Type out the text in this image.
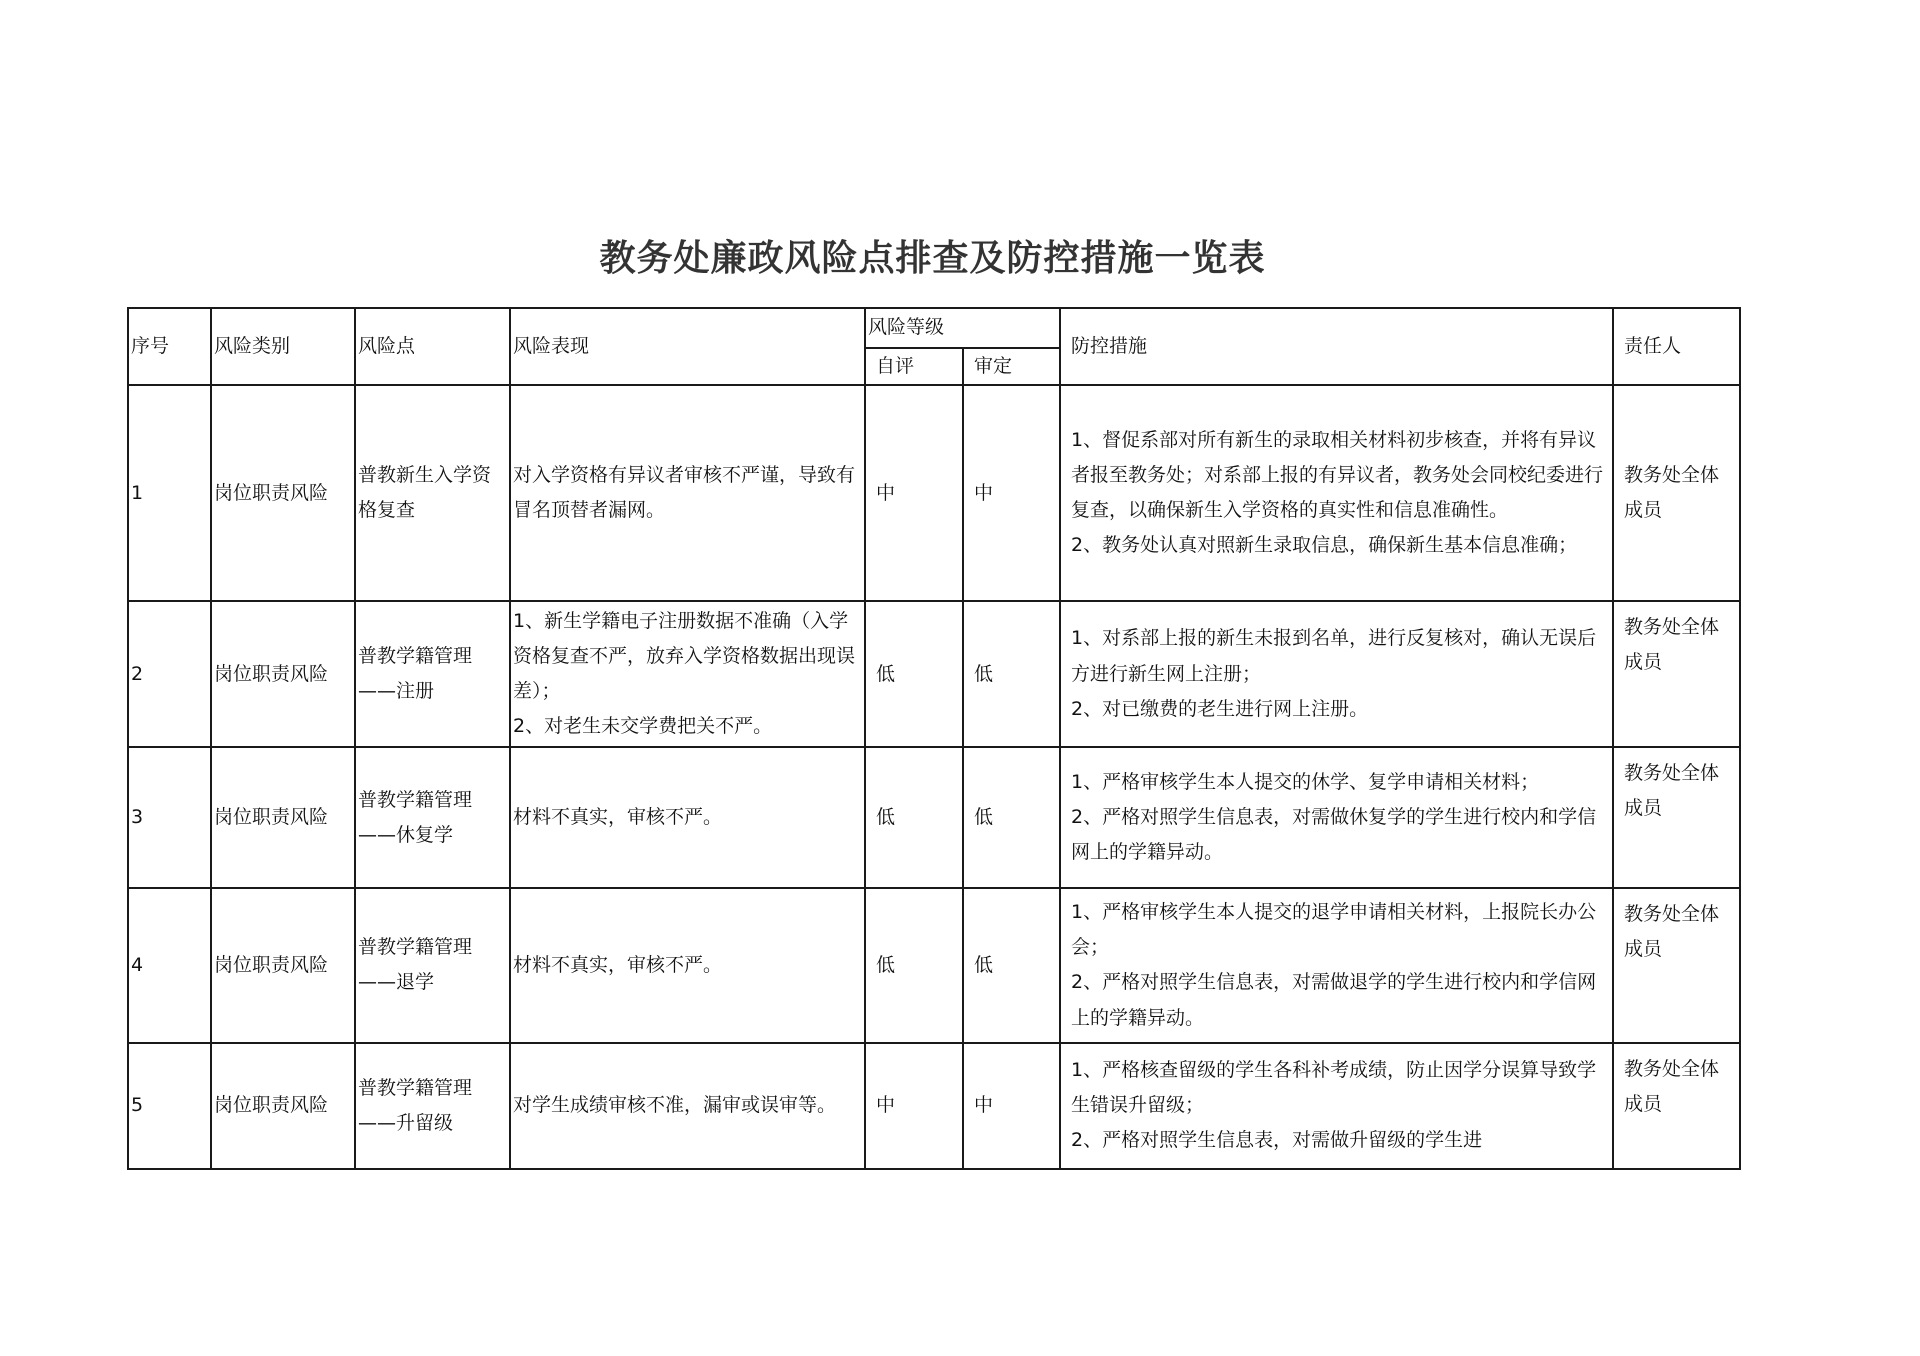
教务处廉政风险点排查及防控措施一览表
序号	风险类别	风险点	风险表现	风险等级		防控措施	责任人
				自评	审定		
1	岗位职责风险	普教新生入学资格复查	对入学资格有异议者审核不严谨，导致有冒名顶替者漏网。	中	中	1、督促系部对所有新生的录取相关材料初步核查，并将有异议者报至教务处；对系部上报的有异议者，教务处会同校纪委进行复查，以确保新生入学资格的真实性和信息准确性。
2、教务处认真对照新生录取信息，确保新生基本信息准确；	教务处全体成员
2	岗位职责风险	普教学籍管理——注册	1、新生学籍电子注册数据不准确（入学资格复查不严，放弃入学资格数据出现误差）；
2、对老生未交学费把关不严。	低	低	1、对系部上报的新生未报到名单，进行反复核对，确认无误后方进行新生网上注册；
2、对已缴费的老生进行网上注册。	教务处全体成员
3	岗位职责风险	普教学籍管理——休复学	材料不真实，审核不严。	低	低	1、严格审核学生本人提交的休学、复学申请相关材料；
2、严格对照学生信息表，对需做休复学的学生进行校内和学信网上的学籍异动。	教务处全体成员
4	岗位职责风险	普教学籍管理——退学	材料不真实，审核不严。	低	低	1、严格审核学生本人提交的退学申请相关材料，上报院长办公会；
2、严格对照学生信息表，对需做退学的学生进行校内和学信网上的学籍异动。	教务处全体成员
5	岗位职责风险	普教学籍管理——升留级	对学生成绩审核不准，漏审或误审等。	中	中	1、严格核查留级的学生各科补考成绩，防止因学分误算导致学生错误升留级；
2、严格对照学生信息表，对需做升留级的学生进	教务处全体成员
